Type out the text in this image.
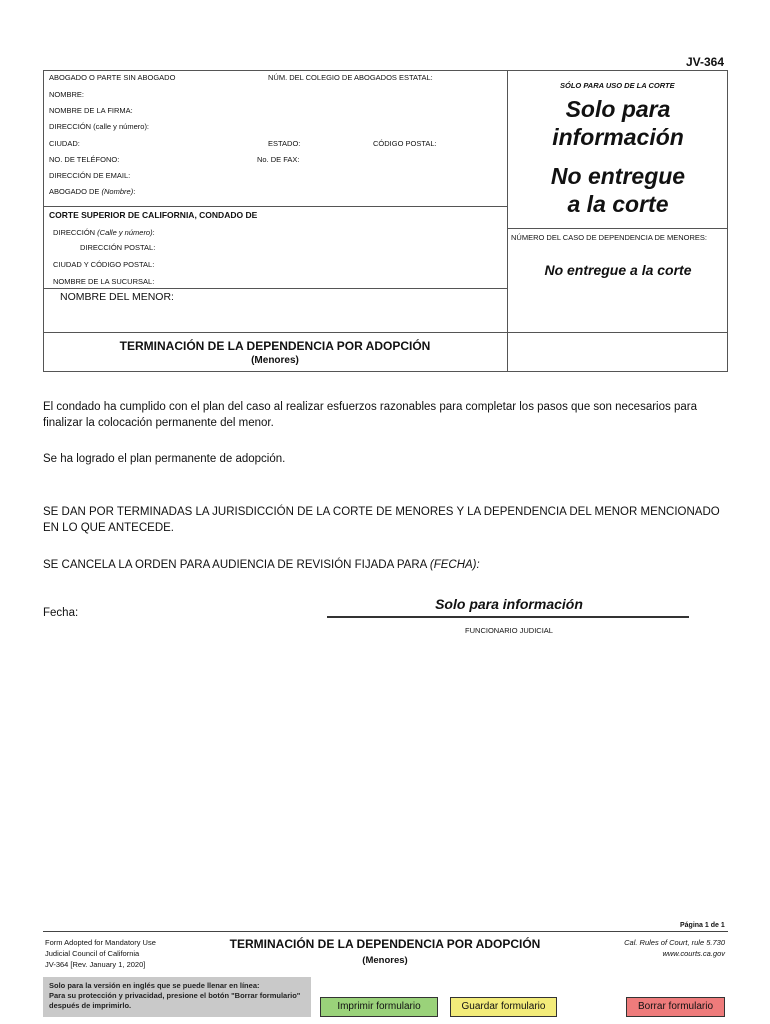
JV-364
ABOGADO O PARTE SIN ABOGADO	NÚM. DEL COLEGIO DE ABOGADOS ESTATAL:
NOMBRE:
NOMBRE DE LA FIRMA:
DIRECCIÓN (calle y número):
CIUDAD:	ESTADO:	CÓDIGO POSTAL:
NO. DE TELÉFONO:	No. DE FAX:
DIRECCIÓN DE EMAIL:
ABOGADO DE (Nombre):
SÓLO PARA USO DE LA CORTE
Solo para
información
No entregue
a la corte
CORTE SUPERIOR DE CALIFORNIA, CONDADO DE
DIRECCIÓN (Calle y número):
DIRECCIÓN POSTAL:
CIUDAD Y CÓDIGO POSTAL:
NOMBRE DE LA SUCURSAL:
NÚMERO DEL CASO DE DEPENDENCIA DE MENORES:
No entregue a la corte
NOMBRE DEL MENOR:
TERMINACIÓN DE LA DEPENDENCIA POR ADOPCIÓN
(Menores)
El condado ha cumplido con el plan del caso al realizar esfuerzos razonables para completar los pasos que son necesarios para finalizar la colocación permanente del menor.
Se ha logrado el plan permanente de adopción.
SE DAN POR TERMINADAS LA JURISDICCIÓN DE LA CORTE DE MENORES Y LA DEPENDENCIA DEL MENOR MENCIONADO EN LO QUE ANTECEDE.
SE CANCELA LA ORDEN PARA AUDIENCIA DE REVISIÓN FIJADA PARA (FECHA):
Fecha:
Solo para información
FUNCIONARIO JUDICIAL
Página 1 de 1
Form Adopted for Mandatory Use
Judicial Council of California
JV-364 [Rev. January 1, 2020]
TERMINACIÓN DE LA DEPENDENCIA POR ADOPCIÓN
(Menores)
Cal. Rules of Court, rule 5.730
www.courts.ca.gov
Solo para la versión en inglés que se puede llenar en línea:
Para su protección y privacidad, presione el botón "Borrar formulario"
después de imprimirlo.	Imprimir formulario	Guardar formulario	Borrar formulario
